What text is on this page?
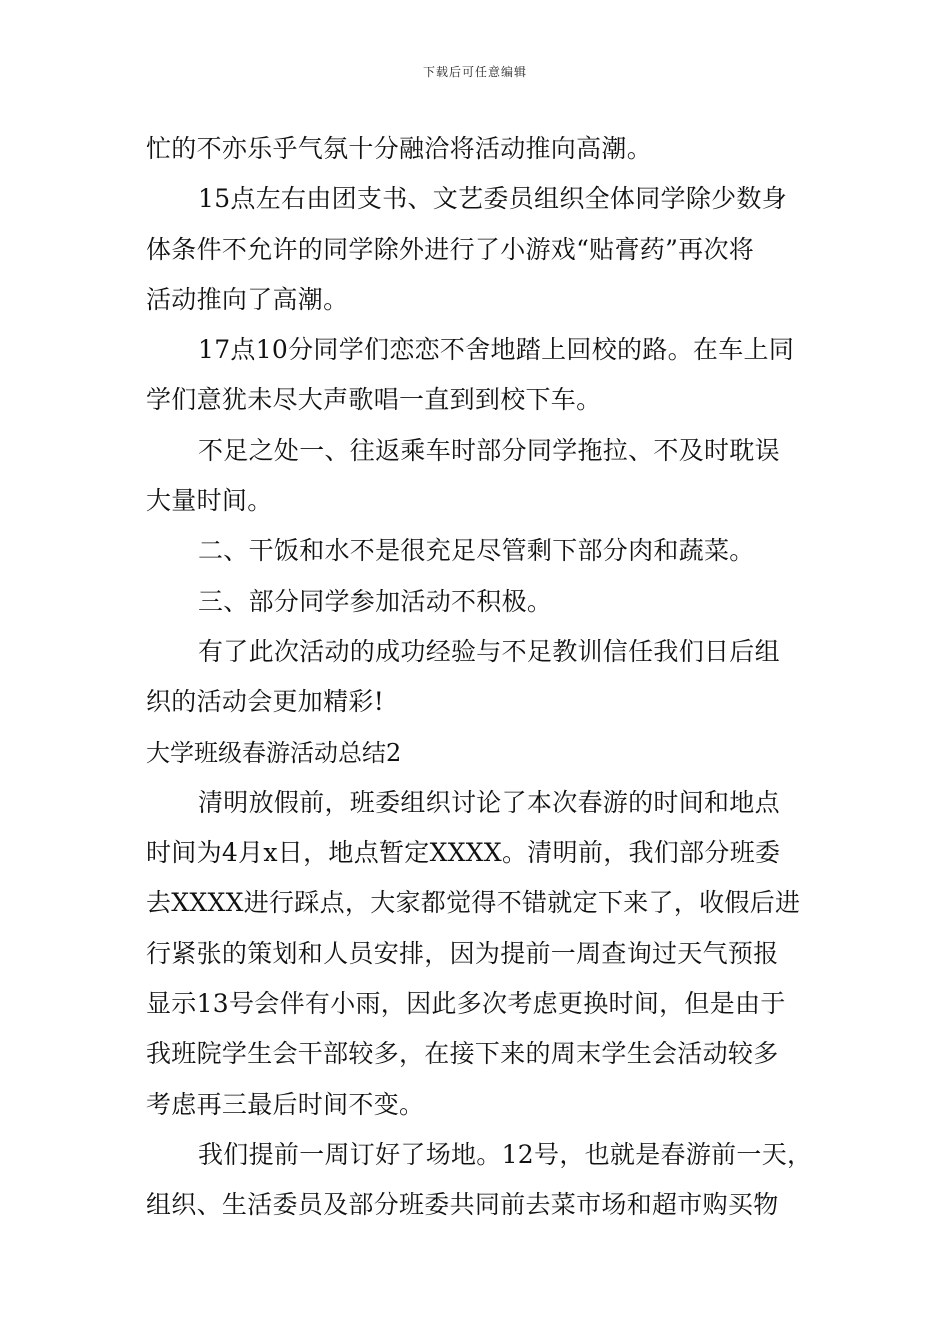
下载后可任意编辑
忙的不亦乐乎气氛十分融洽将活动推向高潮。
15点左右由团支书、文艺委员组织全体同学除少数身
体条件不允许的同学除外进行了小游戏“贴膏药”再次将
活动推向了高潮。
17点10分同学们恋恋不舍地踏上回校的路。在车上同
学们意犹未尽大声歌唱一直到到校下车。
不足之处一、往返乘车时部分同学拖拉、不及时耽误
大量时间。
二、干饭和水不是很充足尽管剩下部分肉和蔬菜。
三、部分同学参加活动不积极。
有了此次活动的成功经验与不足教训信任我们日后组
织的活动会更加精彩!
大学班级春游活动总结2
清明放假前，班委组织讨论了本次春游的时间和地点
时间为4月x日，地点暂定XXXX。清明前，我们部分班委
去XXXX进行踩点，大家都觉得不错就定下来了，收假后进
行紧张的策划和人员安排，因为提前一周查询过天气预报
显示13号会伴有小雨，因此多次考虑更换时间，但是由于
我班院学生会干部较多，在接下来的周末学生会活动较多
考虑再三最后时间不变。
我们提前一周订好了场地。12号，也就是春游前一天，
组织、生活委员及部分班委共同前去菜市场和超市购买物
